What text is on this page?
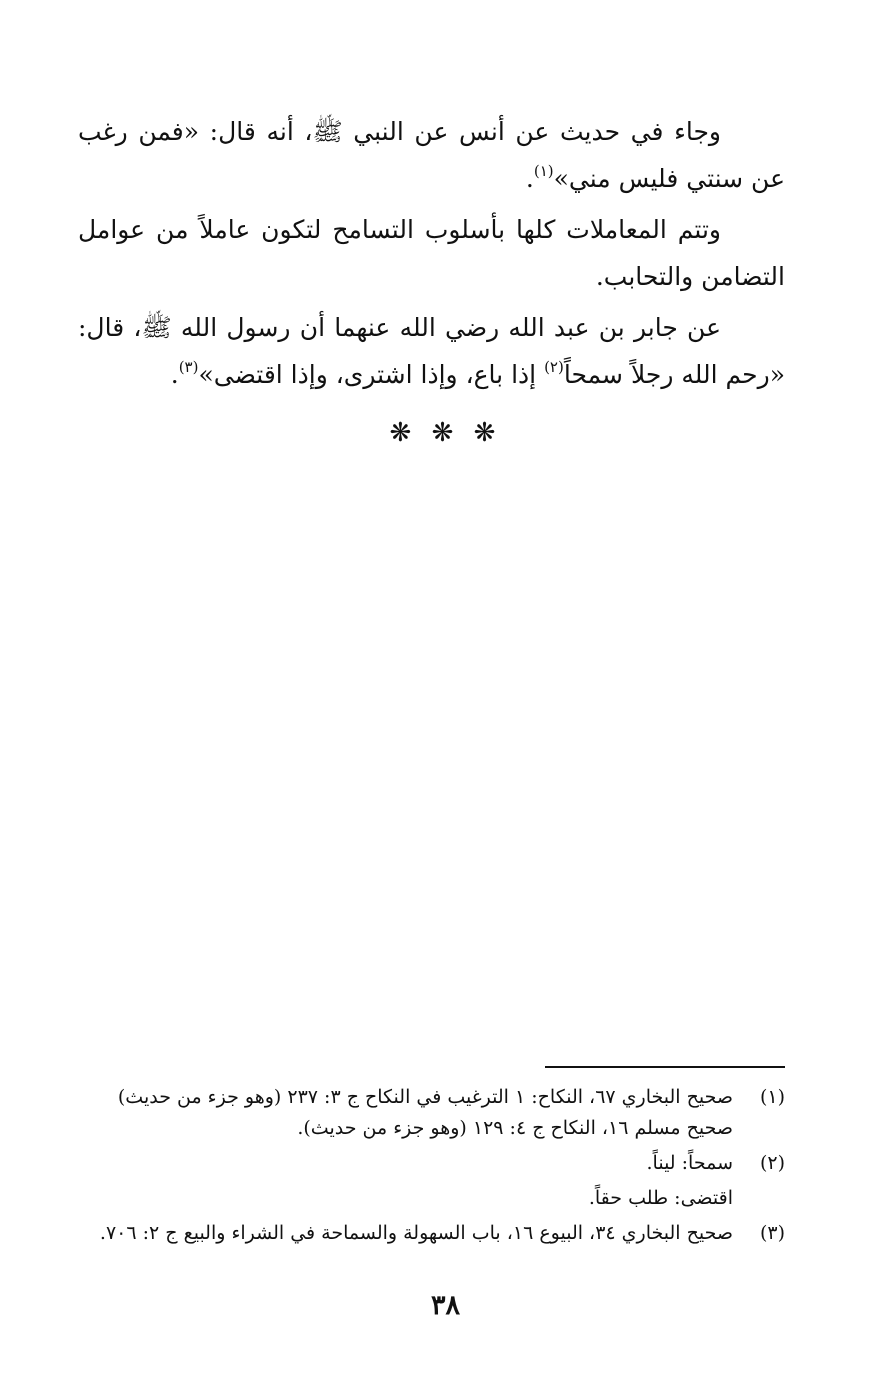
وجاء في حديث عن أنس عن النبي ﷺ، أنه قال: «فمن رغب عن سنتي فليس مني»$^{(١)}$.

وتتم المعاملات كلها بأسلوب التسامح لتكون عاملاً من عوامل التضامن والتحابب.

عن جابر بن عبد الله رضي الله عنهما أن رسول الله ﷺ، قال: «رحم الله رجلاً سمحاً$^{(٢)}$ إذا باع، وإذا اشترى، وإذا اقتضى»$^{(٣)}$.

❋ ❋ ❋
(١)
صحيح البخاري ٦٧، النكاح: ١ الترغيب في النكاح ج ٣: ٢٣٧ (وهو جزء من حديث)
صحيح مسلم ١٦، النكاح ج ٤: ١٢٩ (وهو جزء من حديث).
(٢)
سمحاً: ليناً.
اقتضى: طلب حقاً.
(٣)
صحيح البخاري ٣٤، البيوع ١٦، باب السهولة والسماحة في الشراء والبيع ج ٢: ٧٠٦.
٣٨
